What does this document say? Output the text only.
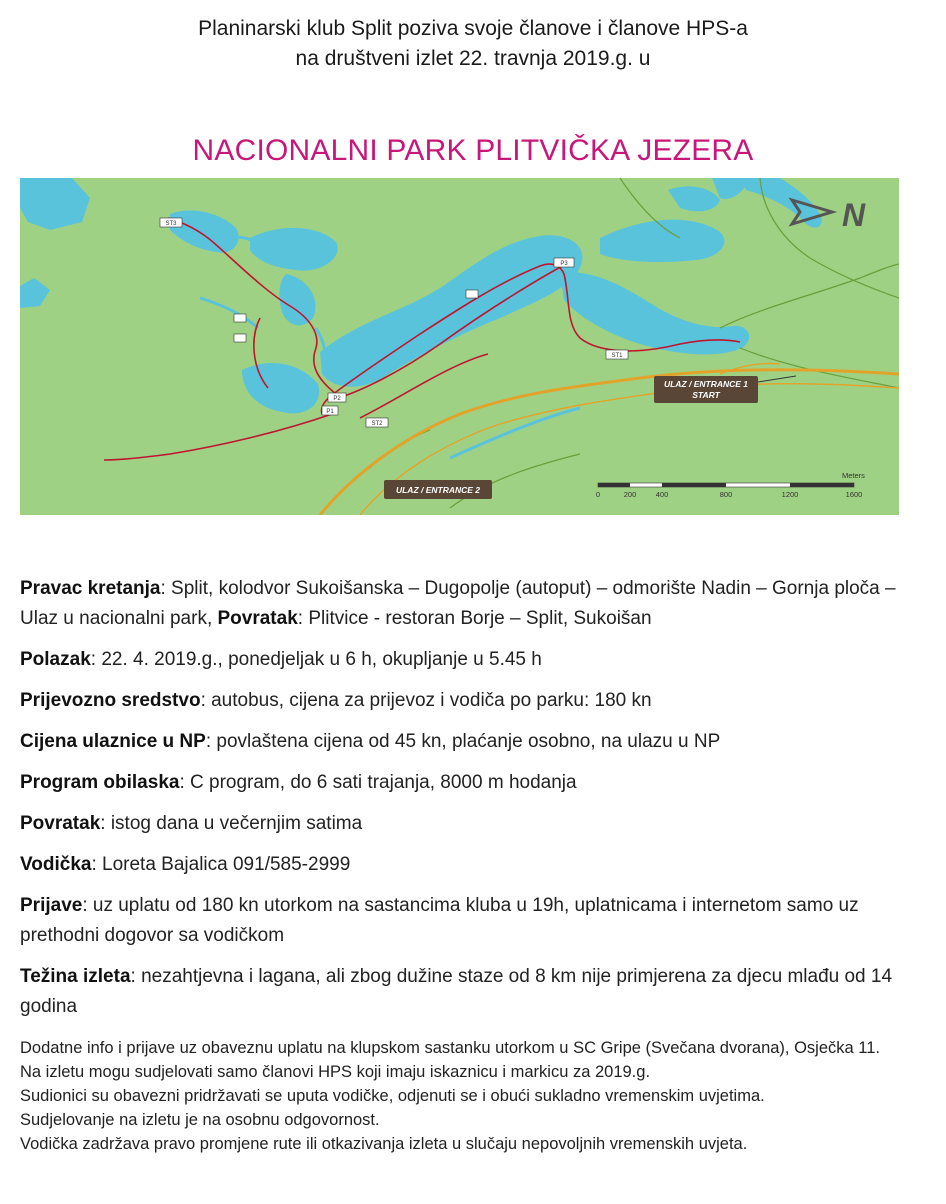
Planinarski klub Split poziva svoje članove i članove HPS-a
na društveni izlet 22. travnja 2019.g. u
NACIONALNI PARK PLITVIČKA JEZERA
N
ST3
P3
P2
P1
ST2
ST1
ULAZ / ENTRANCE 1
START
ULAZ / ENTRANCE 2
Meters
0	200	400	800	1200	1600
Pravac kretanja: Split, kolodvor Sukoišanska – Dugopolje (autoput) – odmorište Nadin – Gornja ploča – Ulaz u nacionalni park, Povratak: Plitvice - restoran Borje – Split, Sukoišan
Polazak: 22. 4. 2019.g., ponedjeljak u 6 h, okupljanje u 5.45 h
Prijevozno sredstvo: autobus, cijena za prijevoz i vodiča po parku: 180 kn
Cijena ulaznice u NP: povlaštena cijena od 45 kn, plaćanje osobno, na ulazu u NP
Program obilaska: C program, do 6 sati trajanja, 8000 m hodanja
Povratak: istog dana u večernjim satima
Vodička: Loreta Bajalica 091/585-2999
Prijave: uz uplatu od 180 kn utorkom na sastancima kluba u 19h, uplatnicama i internetom samo uz prethodni dogovor sa vodičkom
Težina izleta: nezahtjevna i lagana, ali zbog dužine staze od 8 km nije primjerena za djecu mlađu od 14 godina
Dodatne info i prijave uz obaveznu uplatu na klupskom sastanku utorkom u SC Gripe (Svečana dvorana), Osječka 11.
Na izletu mogu sudjelovati samo članovi HPS koji imaju iskaznicu i markicu za 2019.g.
Sudionici su obavezni pridržavati se uputa vodičke, odjenuti se i obući sukladno vremenskim uvjetima.
Sudjelovanje na izletu je na osobnu odgovornost.
Vodička zadržava pravo promjene rute ili otkazivanja izleta u slučaju nepovoljnih vremenskih uvjeta.
